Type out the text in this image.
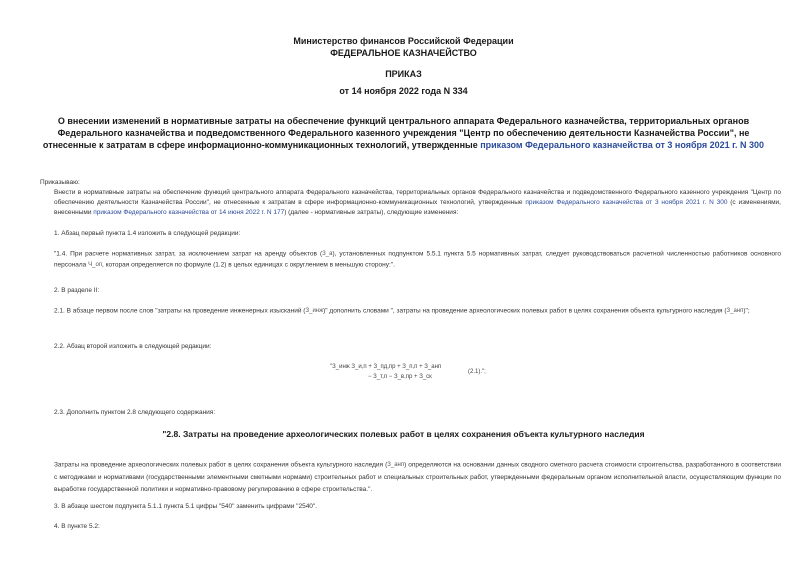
Министерство финансов Российской Федерации
ФЕДЕРАЛЬНОЕ КАЗНАЧЕЙСТВО
ПРИКАЗ
от 14 ноября 2022 года N 334
О внесении изменений в нормативные затраты на обеспечение функций центрального аппарата Федерального казначейства, территориальных органов Федерального казначейства и подведомственного Федерального казенного учреждения "Центр по обеспечению деятельности Казначейства России", не отнесенные к затратам в сфере информационно-коммуникационных технологий, утвержденные приказом Федерального казначейства от 3 ноября 2021 г. N 300
Приказываю:
Внести в нормативные затраты на обеспечение функций центрального аппарата Федерального казначейства, территориальных органов Федерального казначейства и подведомственного Федерального казенного учреждения "Центр по обеспечению деятельности Казначейства России", не отнесенные к затратам в сфере информационно-коммуникационных технологий, утвержденные приказом Федерального казначейства от 3 ноября 2021 г. N 300 (с изменениями, внесенными приказом Федерального казначейства от 14 июня 2022 г. N 177) (далее - нормативные затраты), следующие изменения:
1. Абзац первый пункта 1.4 изложить в следующей редакции:
"1.4. При расчете нормативных затрат, за исключением затрат на аренду объектов (З_а), установленных подпунктом 5.5.1 пункта 5.5 нормативных затрат, следует руководствоваться расчетной численностью работников основного персонала Ч_оп, которая определяется по формуле (1.2) в целых единицах с округлением в меньшую сторону:".
2. В разделе II:
2.1. В абзаце первом после слов "затраты на проведение инженерных изысканий (З_инж)" дополнить словами ", затраты на проведение археологических полевых работ в целях сохранения объекта культурного наследия (З_анп)";
2.2. Абзац второй изложить в следующей редакции:
"З_инж З_и,п + З_пд,пр + З_п,п + З_анп
− З_т,п − З_в,пр + З_ск
(2.1).";
2.3. Дополнить пунктом 2.8 следующего содержания:
"2.8. Затраты на проведение археологических полевых работ в целях сохранения объекта культурного наследия
Затраты на проведение археологических полевых работ в целях сохранения объекта культурного наследия (З_анп) определяются на основании данных сводного сметного расчета стоимости строительства, разработанного в соответствии с методиками и нормативами (государственными элементными сметными нормами) строительных работ и специальных строительных работ, утвержденными федеральным органом исполнительной власти, осуществляющим функции по выработке государственной политики и нормативно-правовому регулированию в сфере строительства.".
3. В абзаце шестом подпункта 5.1.1 пункта 5.1 цифры "540" заменить цифрами "2540".
4. В пункте 5.2:
